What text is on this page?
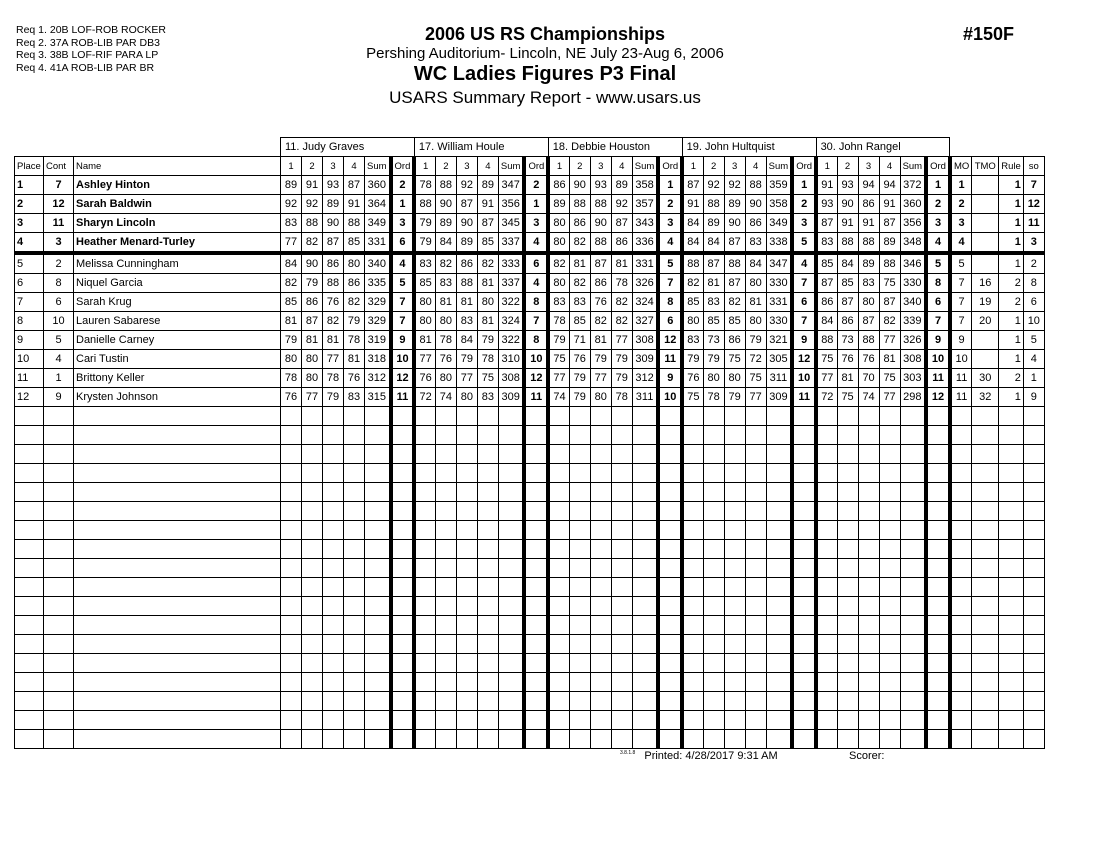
Req 1. 20B LOF-ROB ROCKER
Req 2. 37A ROB-LIB PAR DB3
Req 3. 38B LOF-RIF PARA LP
Req 4. 41A ROB-LIB PAR BR
2006 US RS Championships
Pershing Auditorium- Lincoln, NE July 23-Aug 6, 2006
WC Ladies Figures P3 Final
USARS Summary Report - www.usars.us
#150F
			11. Judy Graves						17. William Houle						18. Debbie Houston						19. John Hultquist						30. John Rangel									
Place	Cont	Name	1	2	3	4	Sum	Ord	1	2	3	4	Sum	Ord	1	2	3	4	Sum	Ord	1	2	3	4	Sum	Ord	1	2	3	4	Sum	Ord	MO	TMO	Rule	so
1	7	Ashley Hinton	89	91	93	87	360	2	78	88	92	89	347	2	86	90	93	89	358	1	87	92	92	88	359	1	91	93	94	94	372	1	1		1	7
2	12	Sarah Baldwin	92	92	89	91	364	1	88	90	87	91	356	1	89	88	88	92	357	2	91	88	89	90	358	2	93	90	86	91	360	2	2		1	12
3	11	Sharyn Lincoln	83	88	90	88	349	3	79	89	90	87	345	3	80	86	90	87	343	3	84	89	90	86	349	3	87	91	91	87	356	3	3		1	11
4	3	Heather Menard-Turley	77	82	87	85	331	6	79	84	89	85	337	4	80	82	88	86	336	4	84	84	87	83	338	5	83	88	88	89	348	4	4		1	3
5	2	Melissa Cunningham	84	90	86	80	340	4	83	82	86	82	333	6	82	81	87	81	331	5	88	87	88	84	347	4	85	84	89	88	346	5	5		1	2
6	8	Niquel Garcia	82	79	88	86	335	5	85	83	88	81	337	4	80	82	86	78	326	7	82	81	87	80	330	7	87	85	83	75	330	8	7	16	2	8
7	6	Sarah Krug	85	86	76	82	329	7	80	81	81	80	322	8	83	83	76	82	324	8	85	83	82	81	331	6	86	87	80	87	340	6	7	19	2	6
8	10	Lauren Sabarese	81	87	82	79	329	7	80	80	83	81	324	7	78	85	82	82	327	6	80	85	85	80	330	7	84	86	87	82	339	7	7	20	1	10
9	5	Danielle Carney	79	81	81	78	319	9	81	78	84	79	322	8	79	71	81	77	308	12	83	73	86	79	321	9	88	73	88	77	326	9	9		1	5
10	4	Cari Tustin	80	80	77	81	318	10	77	76	79	78	310	10	75	76	79	79	309	11	79	79	75	72	305	12	75	76	76	81	308	10	10		1	4
11	1	Brittony Keller	78	80	78	76	312	12	76	80	77	75	308	12	77	79	77	79	312	9	76	80	80	75	311	10	77	81	70	75	303	11	11	30	2	1
12	9	Krysten Johnson	76	77	79	83	315	11	72	74	80	83	309	11	74	79	80	78	311	10	75	78	79	77	309	11	72	75	74	77	298	12	11	32	1	9

$^{3.8.1.8}$ Printed: 4/28/2017 9:31 AM	Scorer:
